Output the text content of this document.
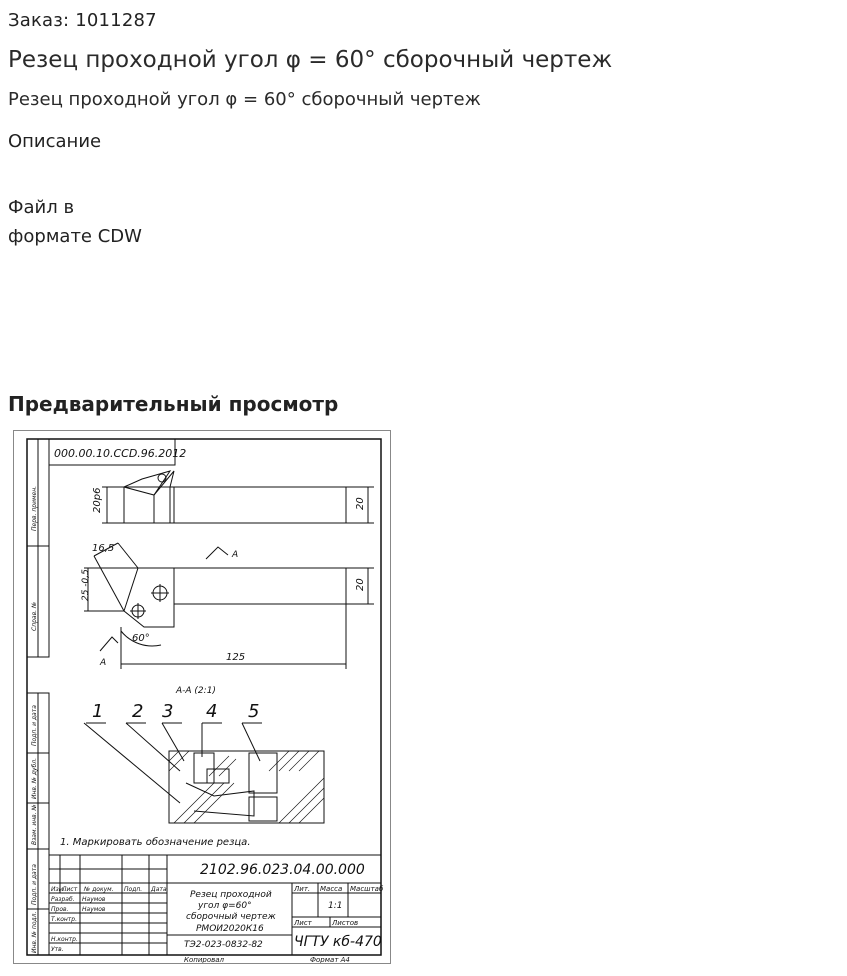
Заказ: 1011287
Резец проходной угол φ = 60° сборочный чертеж
Резец проходной угол φ = 60° сборочный чертеж
Описание
Файл в
формате CDW
Предварительный просмотр
000.00.10.CCD.96.2012
20
20
20р6
125
60°
16,5
25 -0,5
А
А
А-А (2:1)
1 2 3 4 5
1. Маркировать обозначение резца.
2102.96.023.04.00.000
Резец проходной
угол φ=60°
сборочный чертеж
РМОИ2020К16
ТЭ2-023-0832-82 ЧГТУ кб-470
1:1
Лит. Масса Масштаб
Лист	Листов
Копировал	Формат А4
Изм.
Лист № докум. Подп. Дата
Разраб.
Пров.
Т.контр.
Н.контр.
Утв.
Наумов
Наумов
Перв. примен.
Справ. №
Подп. и дата
Инв. № дубл.
Взам. инв. №
Подп. и дата
Инв. № подл.
